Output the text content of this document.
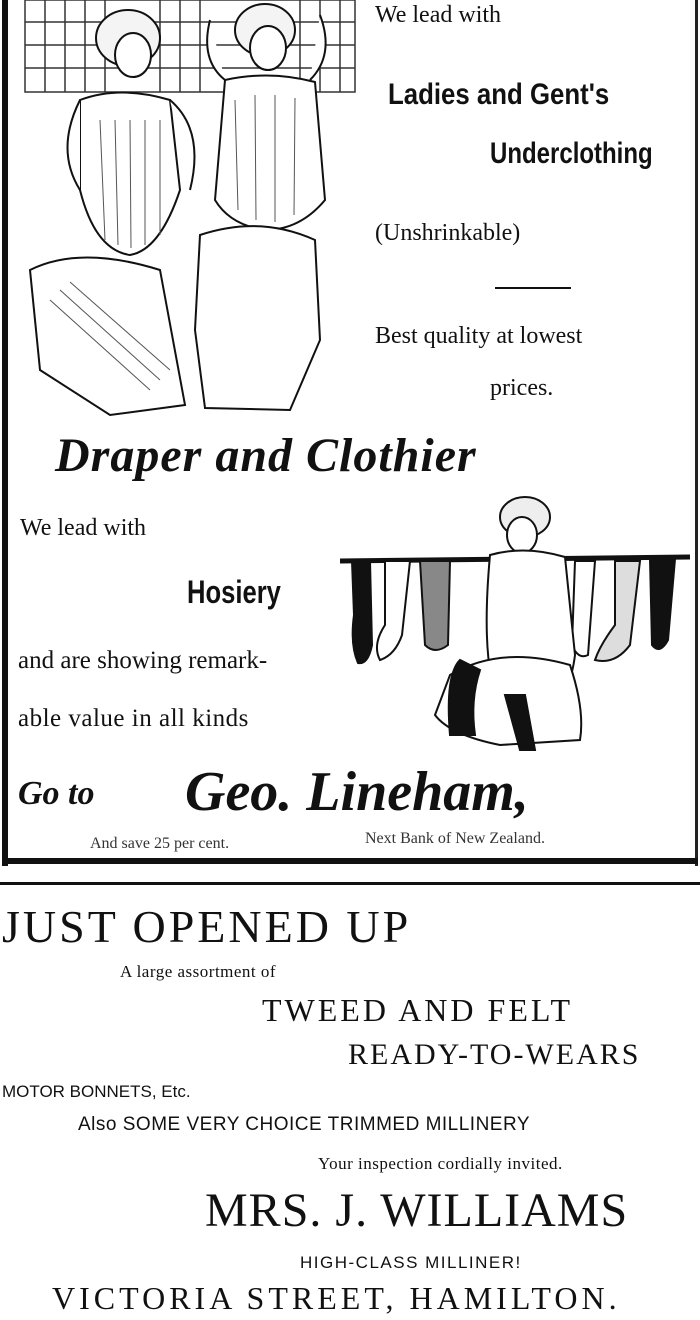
We lead with
Ladies and Gent's
Underclothing
(Unshrinkable)
Best quality at lowest
prices.
Draper and Clothier
We lead with
Hosiery
and are showing remark-
able value in all kinds
Go to Geo. Lineham,
And save 25 per cent.	Next Bank of New Zealand.
JUST OPENED UP
A large assortment of
TWEED AND FELT
READY-TO-WEARS
MOTOR BONNETS, Etc.
Also SOME VERY CHOICE TRIMMED MILLINERY
Your inspection cordially invited.
MRS. J. WILLIAMS
HIGH-CLASS MILLINER!
VICTORIA STREET, HAMILTON.
